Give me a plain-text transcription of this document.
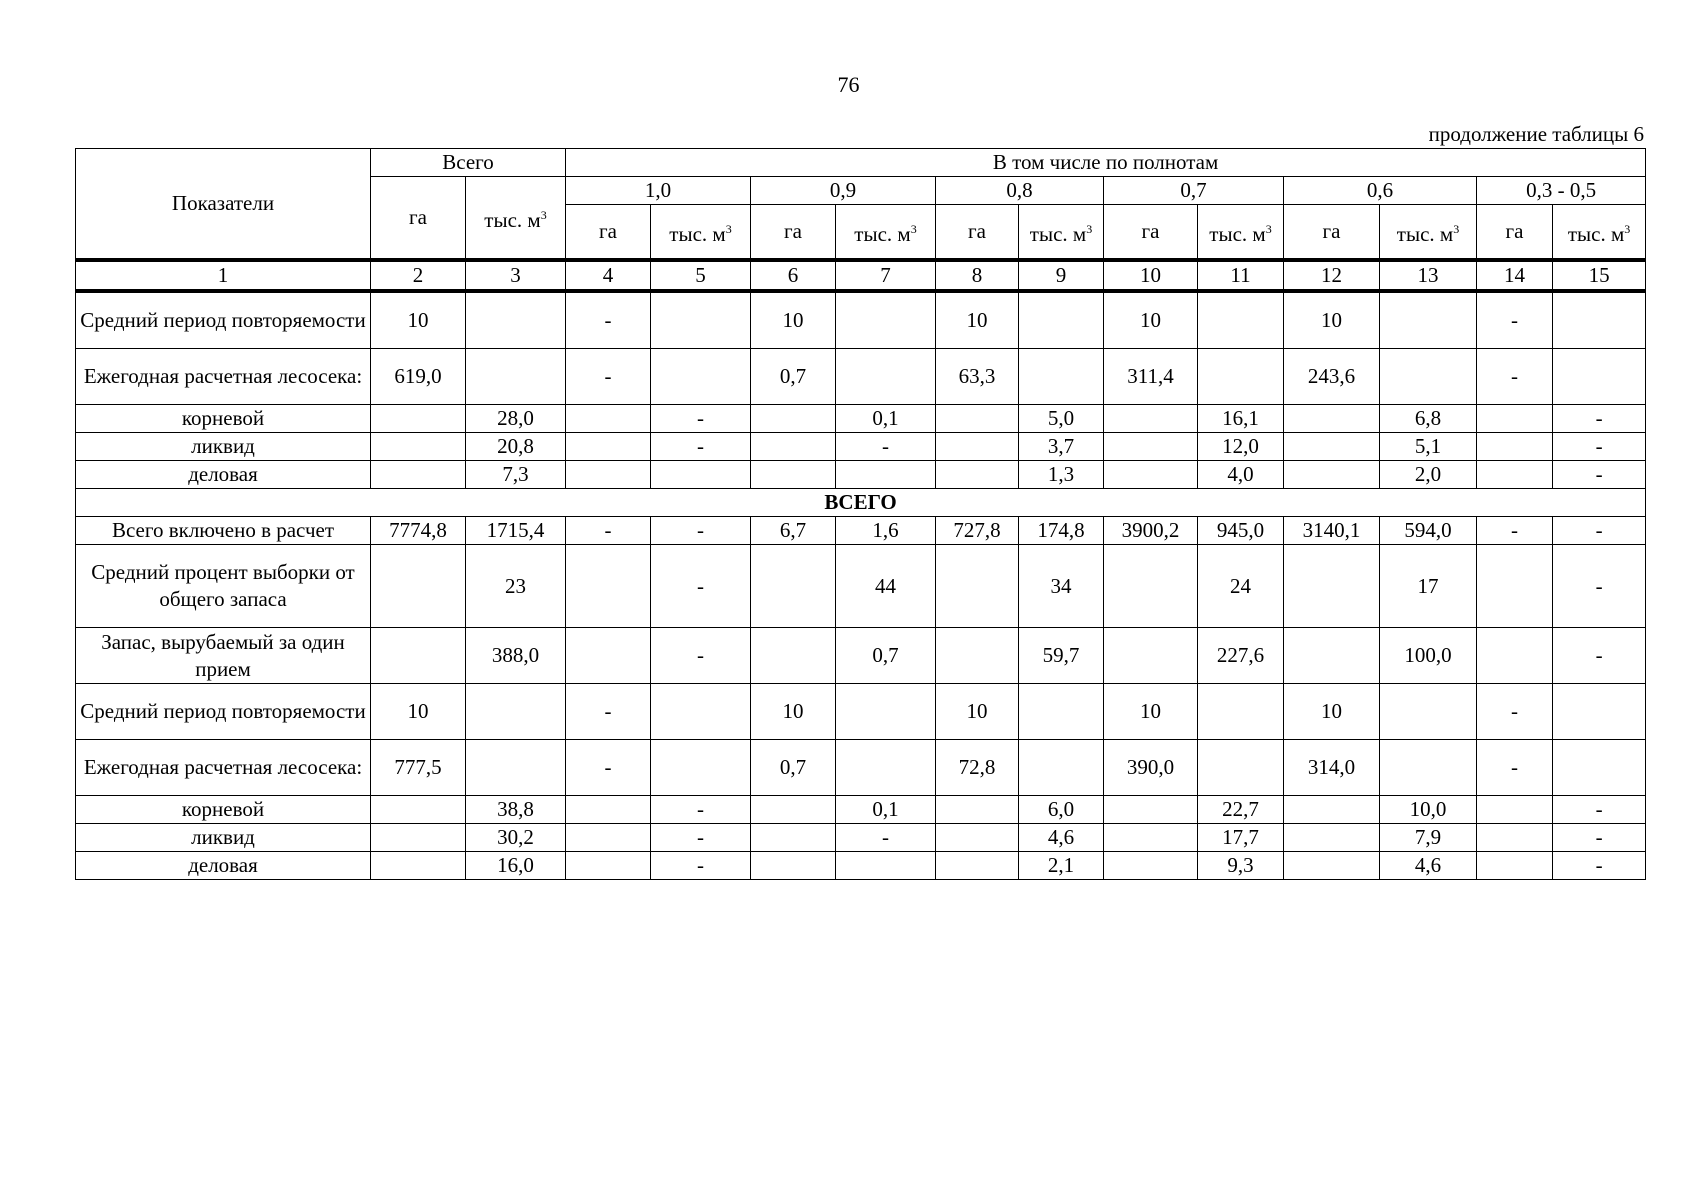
76
продолжение таблицы 6
Показатели	Всего		В том числе по полнотам											
	га	тыс. $м^3$	1,0		0,9		0,8		0,7		0,6		0,3 - 0,5	
			га	тыс. $м^3$	га	тыс. $м^3$	га	тыс. $м^3$	га	тыс. $м^3$	га	тыс. $м^3$	га	тыс. $м^3$
1	2	3	4	5	6	7	8	9	10	11	12	13	14	15
Средний период повторяемости	10		-		10		10		10		10		-	
Ежегодная расчетная лесосека:	619,0		-		0,7		63,3		311,4		243,6		-	
корневой		28,0		-		0,1		5,0		16,1		6,8		-
ликвид		20,8		-		-		3,7		12,0		5,1		-
деловая		7,3						1,3		4,0		2,0		-
ВСЕГО														
Всего включено в расчет	7774,8	1715,4	-	-	6,7	1,6	727,8	174,8	3900,2	945,0	3140,1	594,0	-	-
Средний процент выборки от общего запаса		23		-		44		34		24		17		-
Запас, вырубаемый за один прием		388,0		-		0,7		59,7		227,6		100,0		-
Средний период повторяемости	10		-		10		10		10		10		-	
Ежегодная расчетная лесосека:	777,5		-		0,7		72,8		390,0		314,0		-	
корневой		38,8		-		0,1		6,0		22,7		10,0		-
ликвид		30,2		-		-		4,6		17,7		7,9		-
деловая		16,0		-				2,1		9,3		4,6		-
